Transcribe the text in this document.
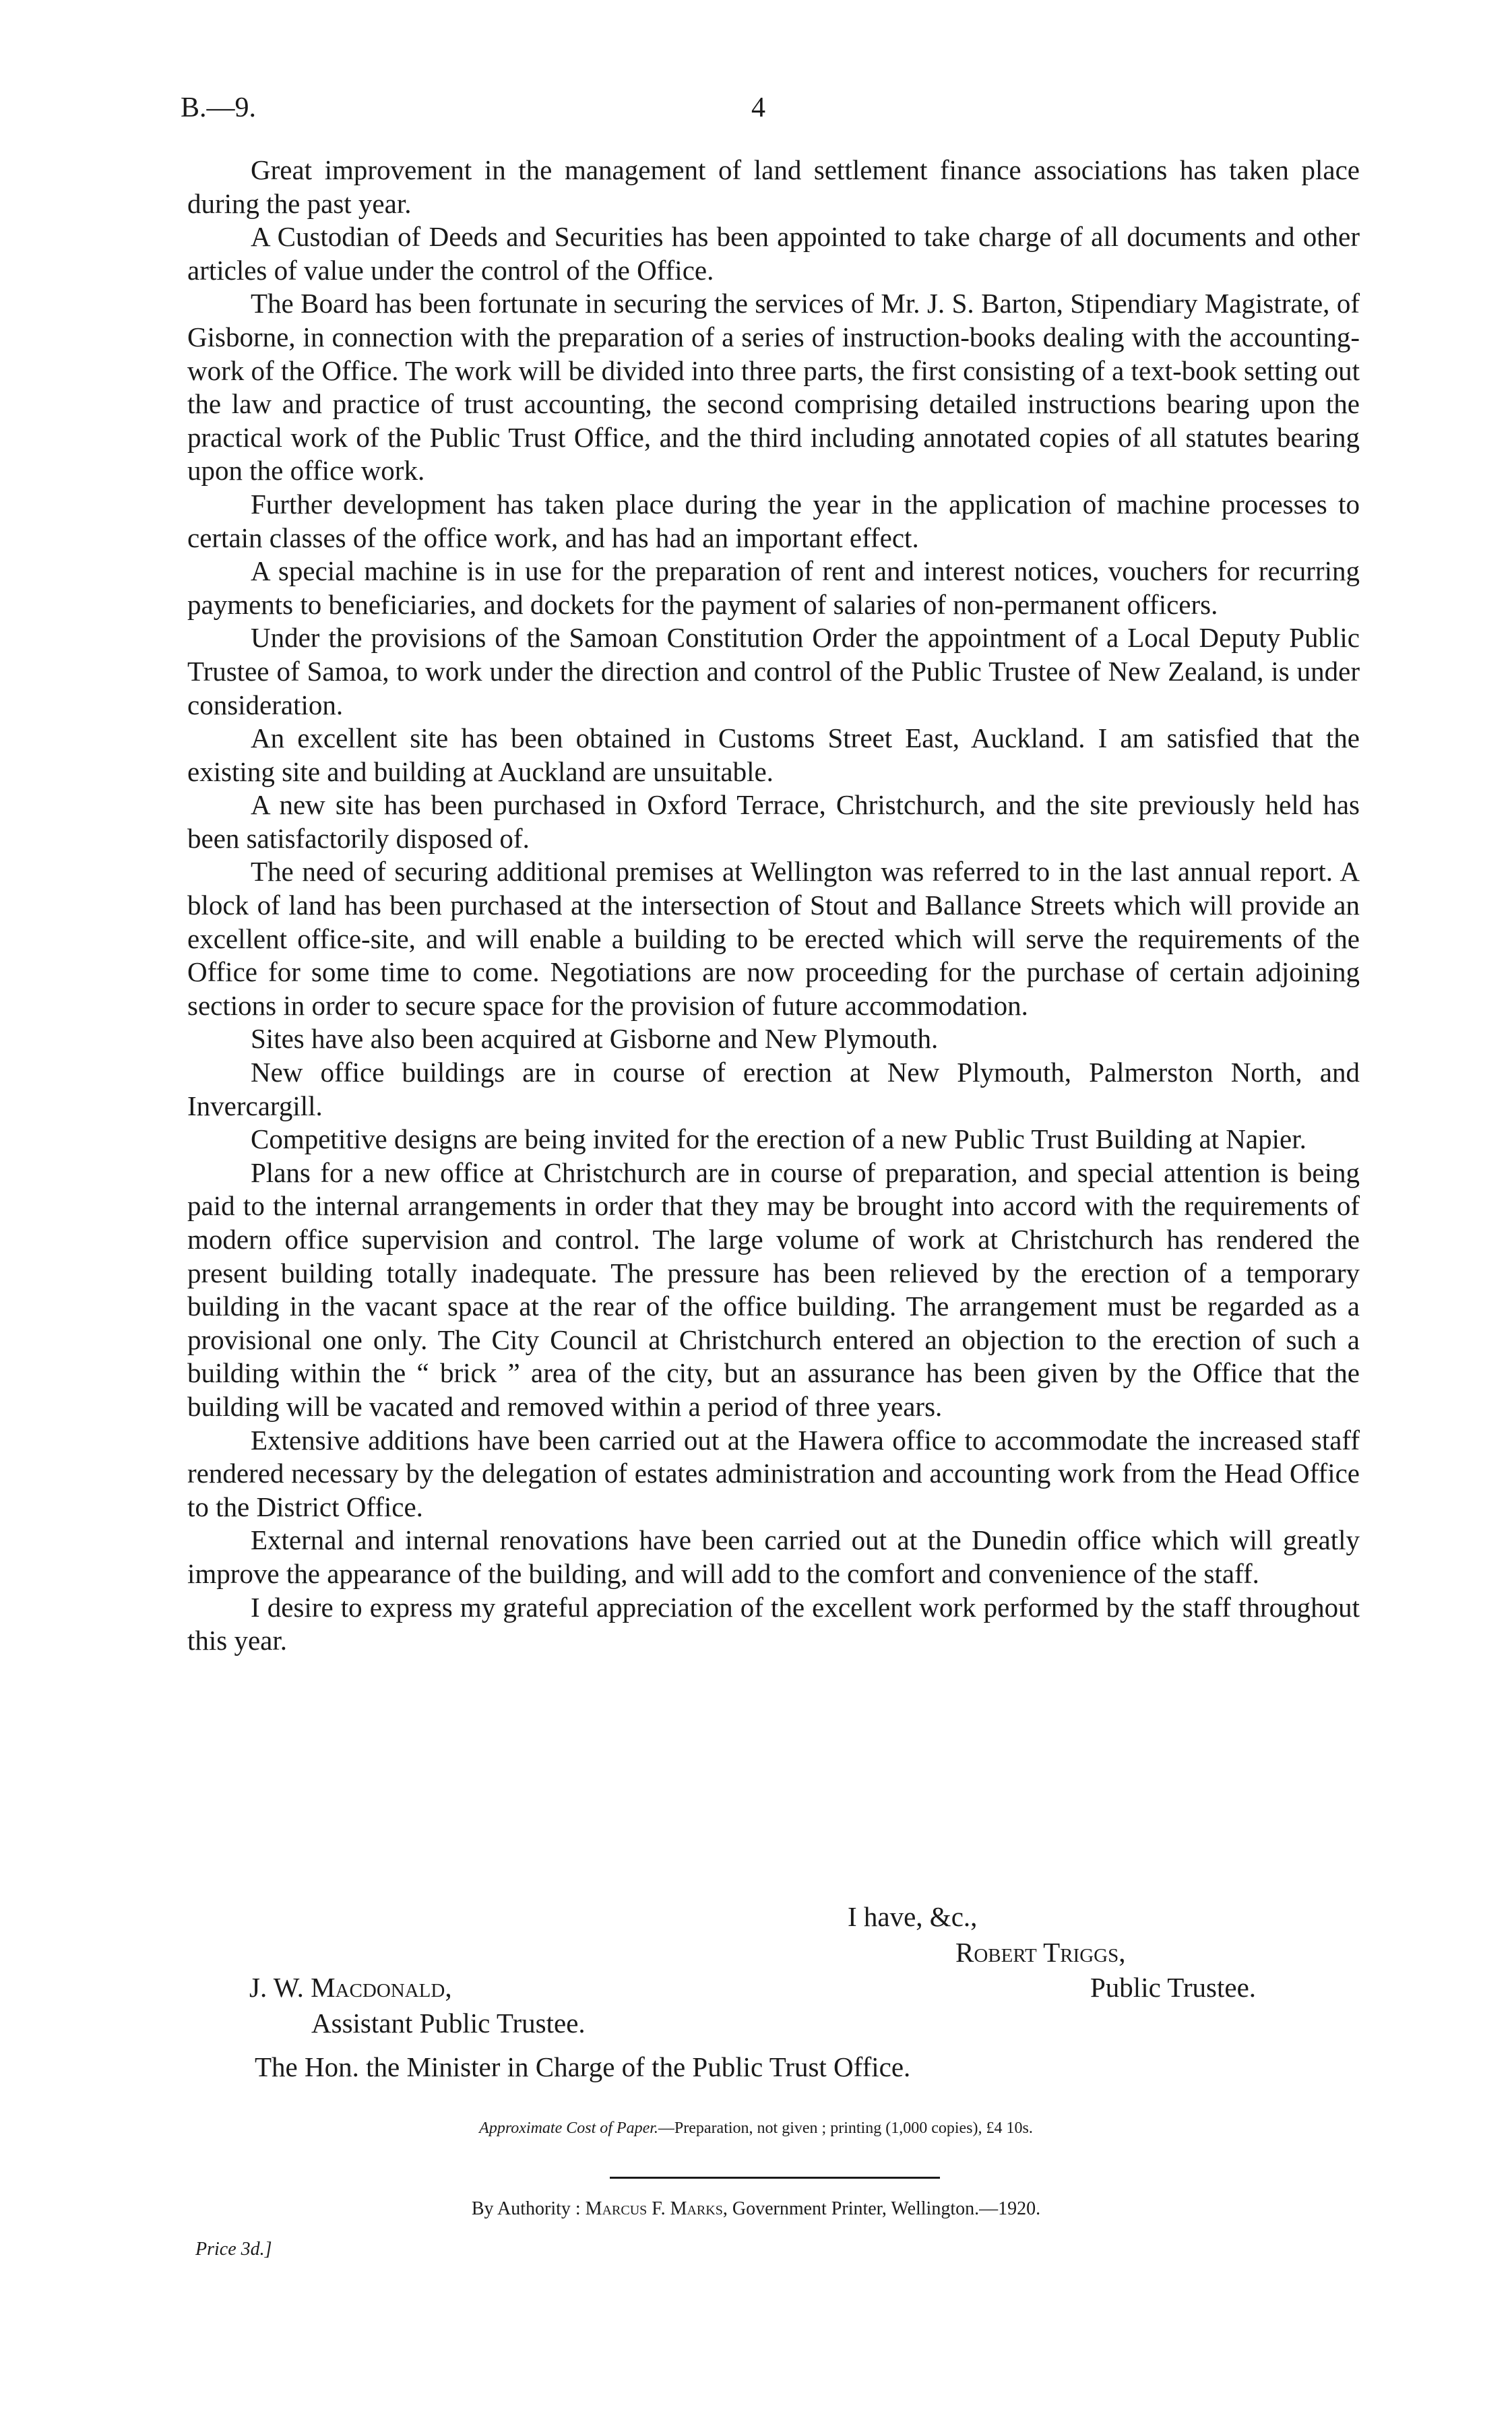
B.—9.	4

Great improvement in the management of land settlement finance associations has taken place during the past year.

A Custodian of Deeds and Securities has been appointed to take charge of all documents and other articles of value under the control of the Office.

The Board has been fortunate in securing the services of Mr. J. S. Barton, Stipendiary Magistrate, of Gisborne, in connection with the preparation of a series of instruction-books dealing with the accounting-work of the Office. The work will be divided into three parts, the first consisting of a text-book setting out the law and practice of trust accounting, the second comprising detailed instructions bearing upon the practical work of the Public Trust Office, and the third including annotated copies of all statutes bearing upon the office work.

Further development has taken place during the year in the application of machine processes to certain classes of the office work, and has had an important effect.

A special machine is in use for the preparation of rent and interest notices, vouchers for recurring payments to beneficiaries, and dockets for the payment of salaries of non-permanent officers.

Under the provisions of the Samoan Constitution Order the appointment of a Local Deputy Public Trustee of Samoa, to work under the direction and control of the Public Trustee of New Zealand, is under consideration.

An excellent site has been obtained in Customs Street East, Auckland. I am satisfied that the existing site and building at Auckland are unsuitable.

A new site has been purchased in Oxford Terrace, Christchurch, and the site previously held has been satisfactorily disposed of.

The need of securing additional premises at Wellington was referred to in the last annual report. A block of land has been purchased at the intersection of Stout and Ballance Streets which will provide an excellent office-site, and will enable a building to be erected which will serve the requirements of the Office for some time to come. Negotiations are now proceeding for the purchase of certain adjoining sections in order to secure space for the provision of future accommodation.

Sites have also been acquired at Gisborne and New Plymouth.

New office buildings are in course of erection at New Plymouth, Palmerston North, and Invercargill.

Competitive designs are being invited for the erection of a new Public Trust Building at Napier.

Plans for a new office at Christchurch are in course of preparation, and special attention is being paid to the internal arrangements in order that they may be brought into accord with the requirements of modern office supervision and control. The large volume of work at Christchurch has rendered the present building totally inadequate. The pressure has been relieved by the erection of a temporary building in the vacant space at the rear of the office building. The arrangement must be regarded as a provisional one only. The City Council at Christchurch entered an objection to the erection of such a building within the “ brick ” area of the city, but an assurance has been given by the Office that the building will be vacated and removed within a period of three years.

Extensive additions have been carried out at the Hawera office to accommodate the increased staff rendered necessary by the delegation of estates administration and accounting work from the Head Office to the District Office.

External and internal renovations have been carried out at the Dunedin office which will greatly improve the appearance of the building, and will add to the comfort and convenience of the staff.

I desire to express my grateful appreciation of the excellent work performed by the staff throughout this year.

I have, &c.,
Robert Triggs,
Public Trustee.
J. W. Macdonald,
Assistant Public Trustee.
The Hon. the Minister in Charge of the Public Trust Office.
Approximate Cost of Paper.—Preparation, not given ; printing (1,000 copies), £4 10s.
By Authority : Marcus F. Marks, Government Printer, Wellington.—1920.
Price 3d.]
